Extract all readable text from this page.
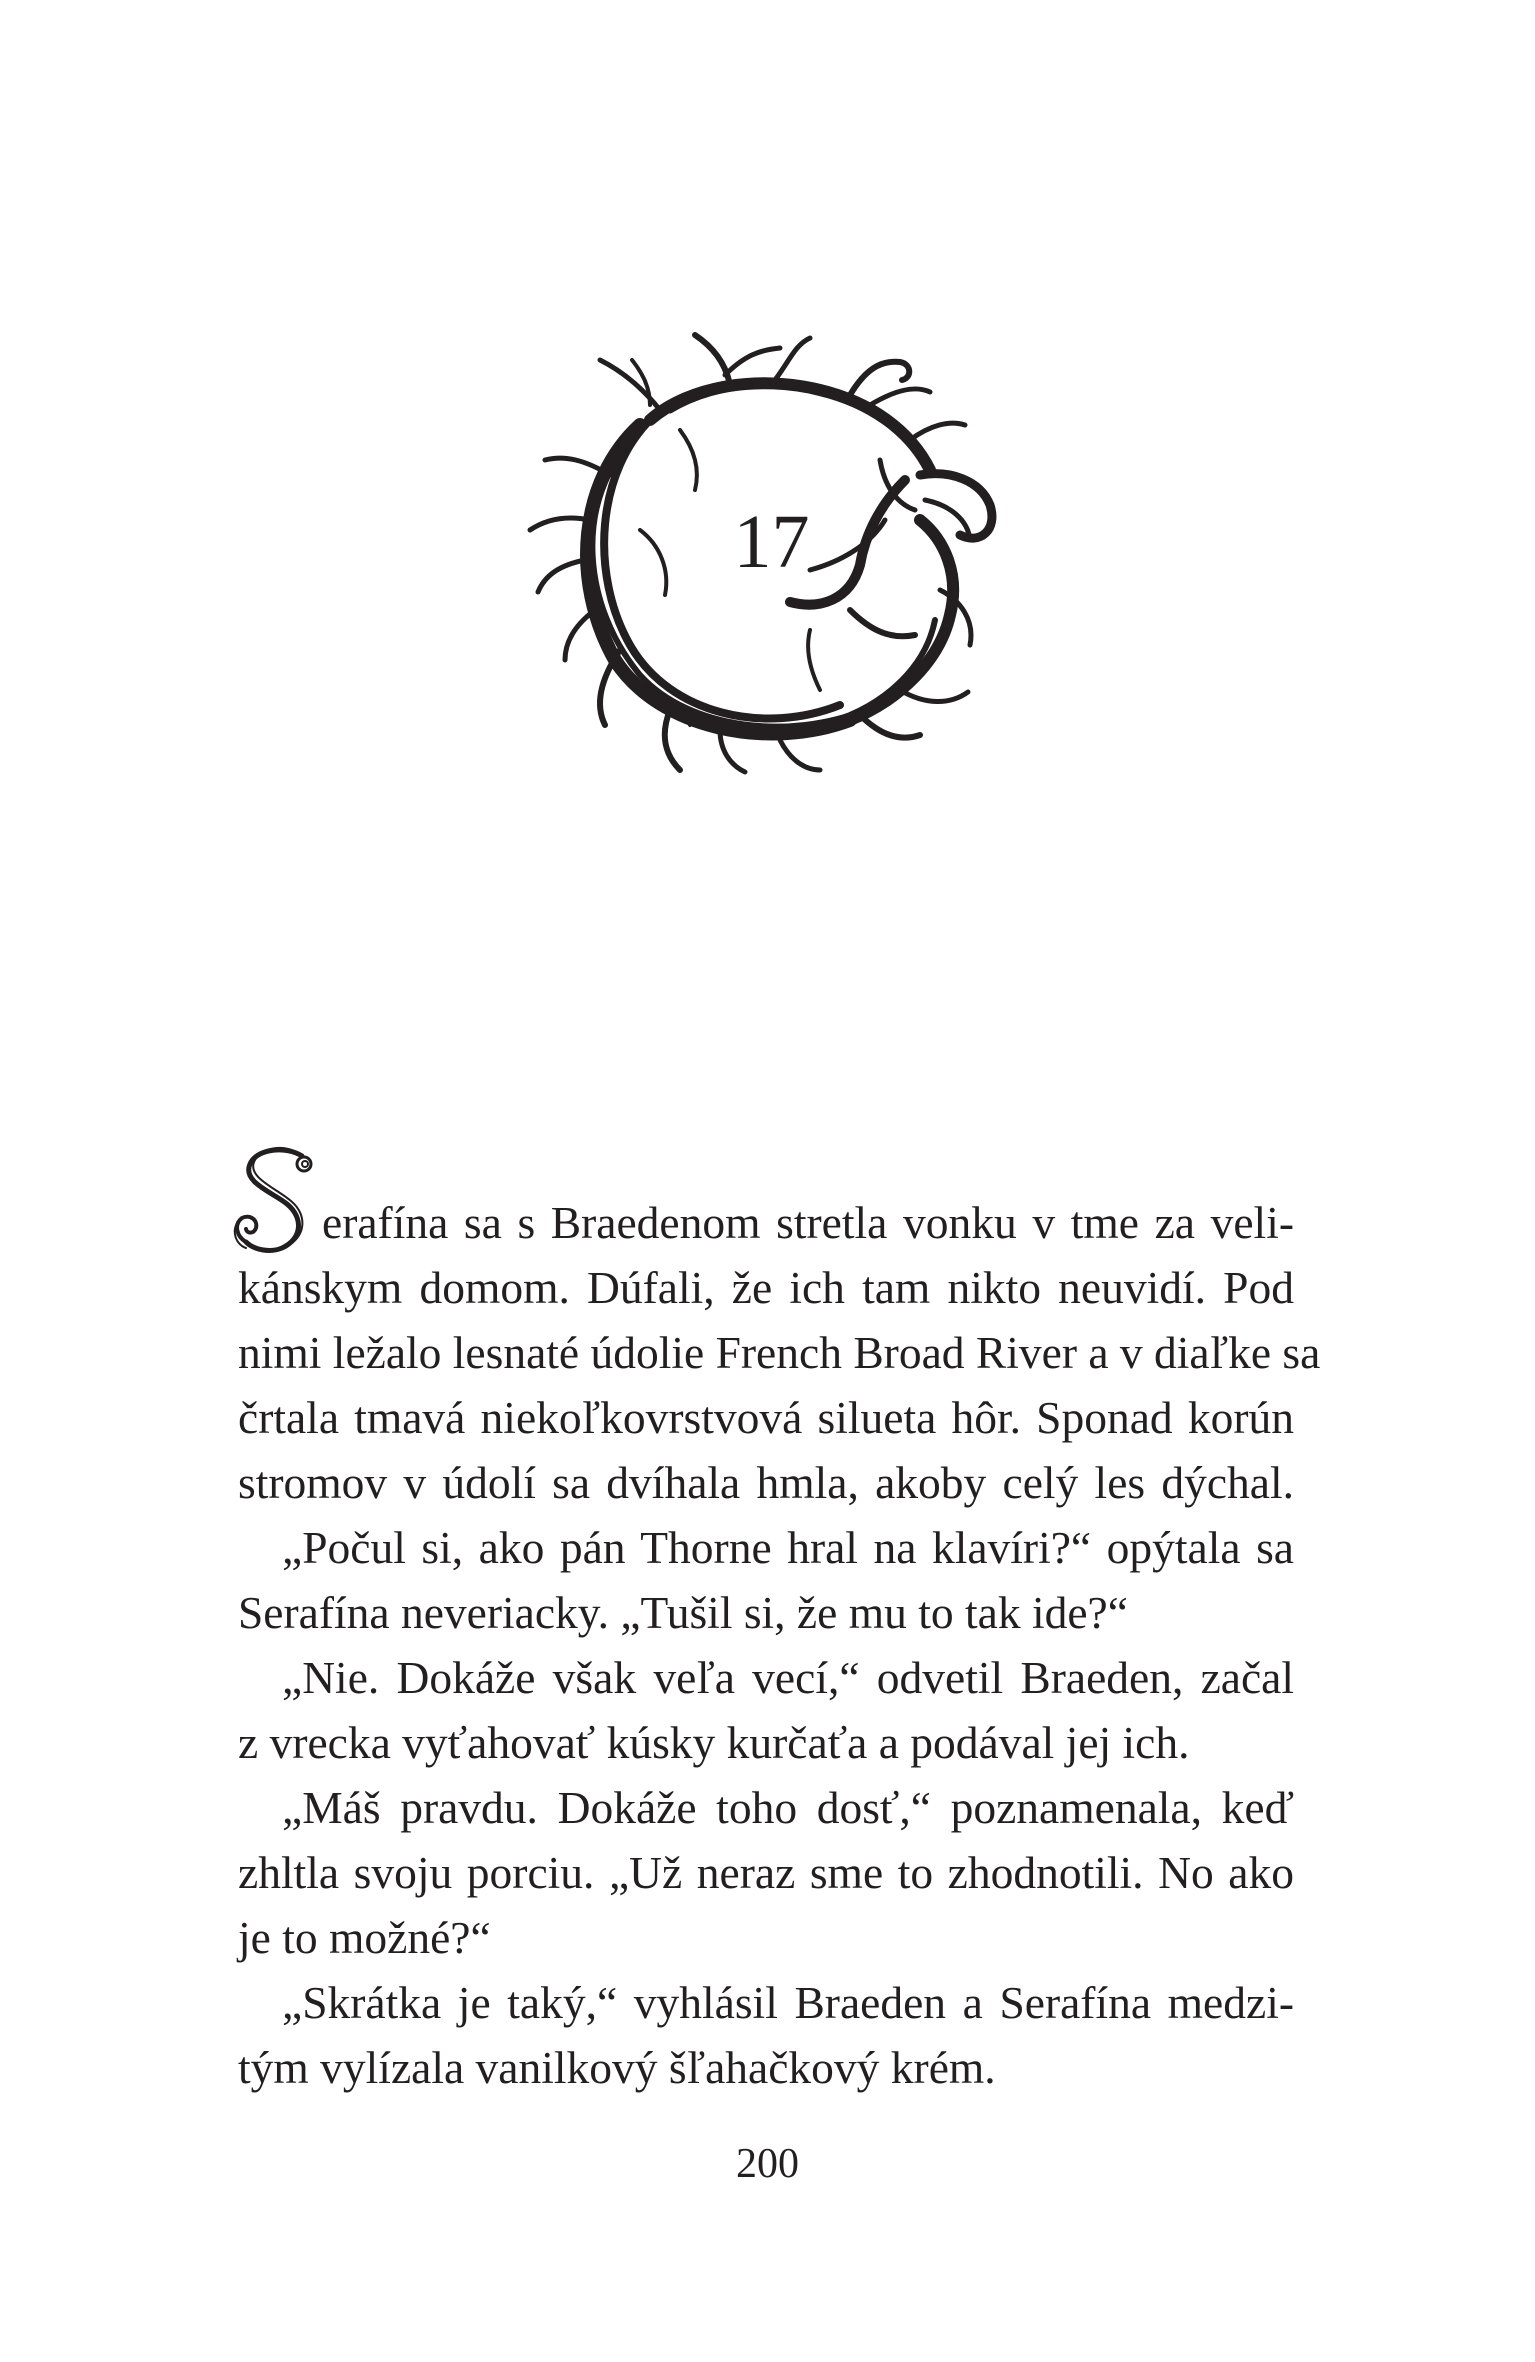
17
erafína sa s Braedenom stretla vonku v tme za veli-
kánskym domom. Dúfali, že ich tam nikto neuvidí. Pod
nimi ležalo lesnaté údolie French Broad River a v diaľke sa
črtala tmavá niekoľkovrstvová silueta hôr. Sponad korún
stromov v údolí sa dvíhala hmla, akoby celý les dýchal.
„Počul si, ako pán Thorne hral na klavíri?“ opýtala sa
Serafína neveriacky. „Tušil si, že mu to tak ide?“
„Nie. Dokáže však veľa vecí,“ odvetil Braeden, začal
z vrecka vyťahovať kúsky kurčaťa a podával jej ich.
„Máš pravdu. Dokáže toho dosť,“ poznamenala, keď
zhltla svoju porciu. „Už neraz sme to zhodnotili. No ako
je to možné?“
„Skrátka je taký,“ vyhlásil Braeden a Serafína medzi-
tým vylízala vanilkový šľahačkový krém.
200
